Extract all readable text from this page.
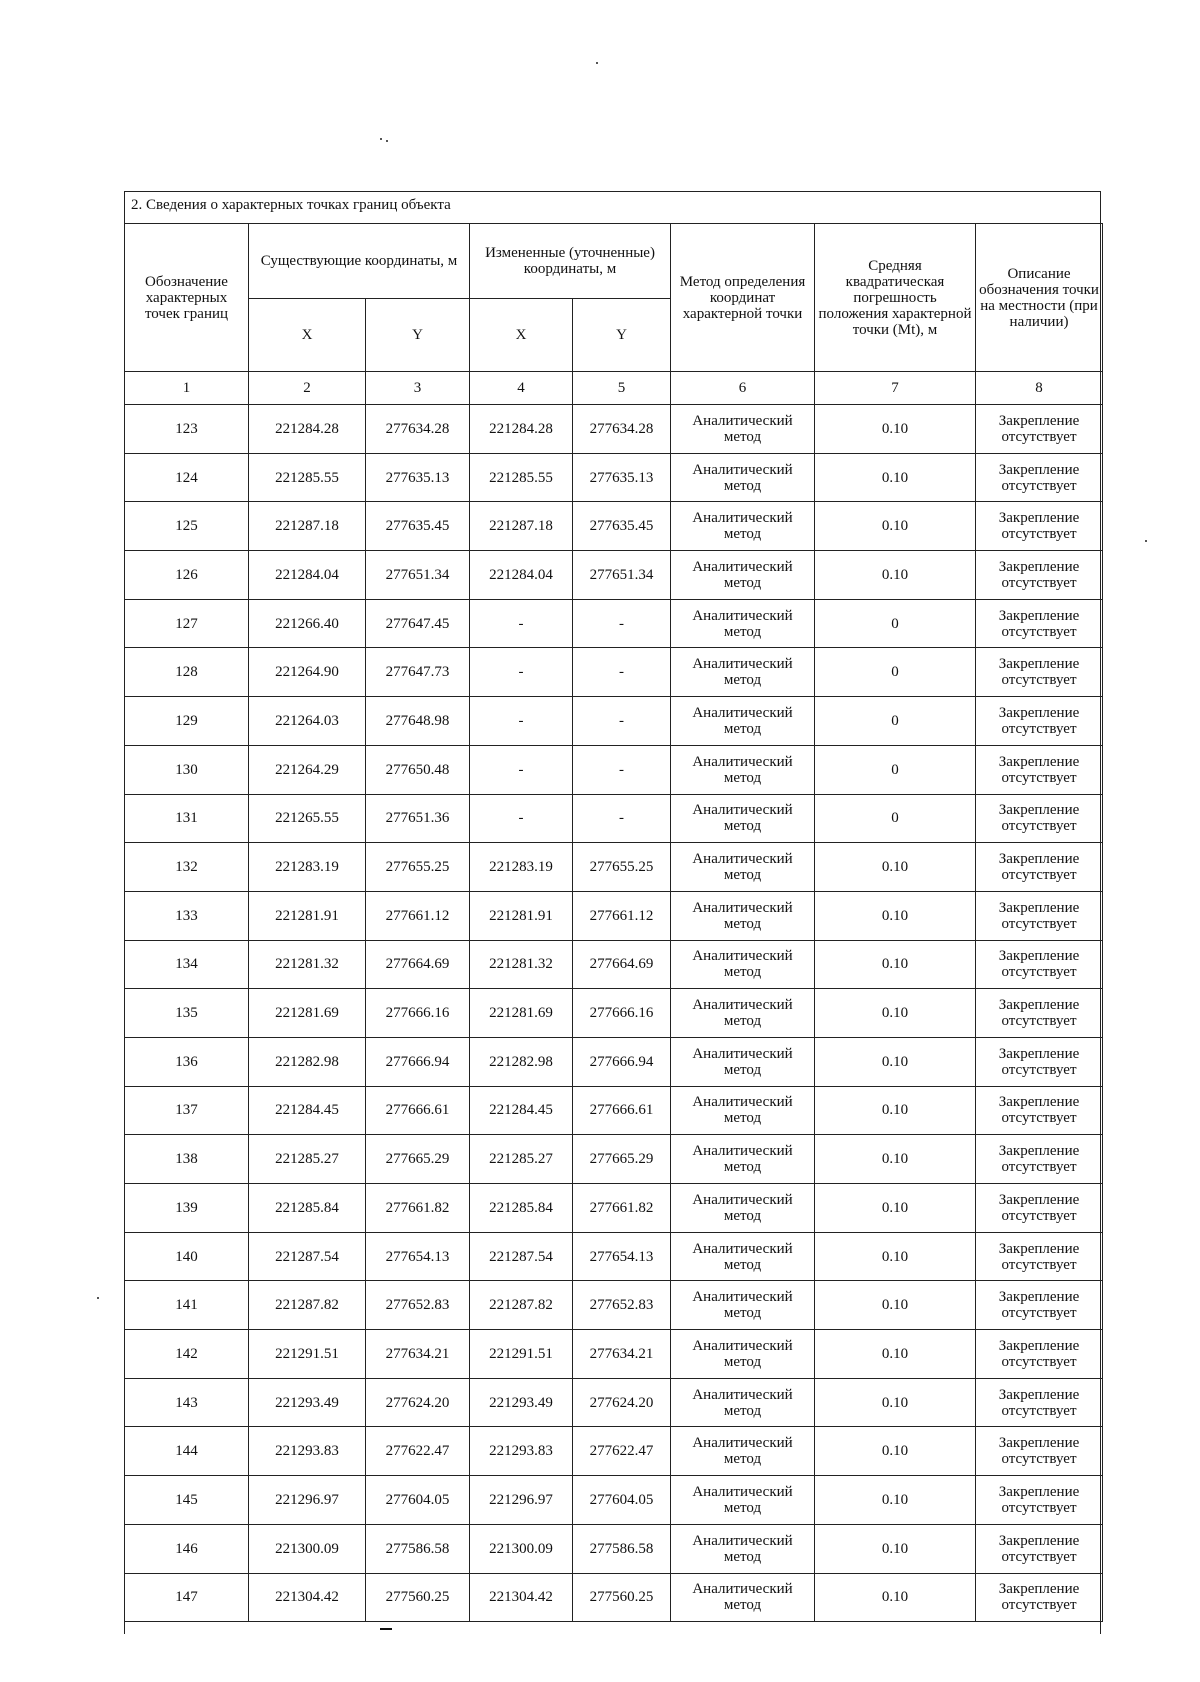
2. Сведения о характерных точках границ объекта
Обозначение характерных точек границ	Существующие координаты, м		Измененные (уточненные) координаты, м		Метод определения координат характерной точки	Средняя квадратическая погрешность положения характерной точки (Mt), м	Описание обозначения точки на местности (при наличии)
	X	Y	X	Y			
1	2	3	4	5	6	7	8
123	221284.28	277634.28	221284.28	277634.28	Аналитический метод	0.10	Закрепление отсутствует
124	221285.55	277635.13	221285.55	277635.13	Аналитический метод	0.10	Закрепление отсутствует
125	221287.18	277635.45	221287.18	277635.45	Аналитический метод	0.10	Закрепление отсутствует
126	221284.04	277651.34	221284.04	277651.34	Аналитический метод	0.10	Закрепление отсутствует
127	221266.40	277647.45	-	-	Аналитический метод	0	Закрепление отсутствует
128	221264.90	277647.73	-	-	Аналитический метод	0	Закрепление отсутствует
129	221264.03	277648.98	-	-	Аналитический метод	0	Закрепление отсутствует
130	221264.29	277650.48	-	-	Аналитический метод	0	Закрепление отсутствует
131	221265.55	277651.36	-	-	Аналитический метод	0	Закрепление отсутствует
132	221283.19	277655.25	221283.19	277655.25	Аналитический метод	0.10	Закрепление отсутствует
133	221281.91	277661.12	221281.91	277661.12	Аналитический метод	0.10	Закрепление отсутствует
134	221281.32	277664.69	221281.32	277664.69	Аналитический метод	0.10	Закрепление отсутствует
135	221281.69	277666.16	221281.69	277666.16	Аналитический метод	0.10	Закрепление отсутствует
136	221282.98	277666.94	221282.98	277666.94	Аналитический метод	0.10	Закрепление отсутствует
137	221284.45	277666.61	221284.45	277666.61	Аналитический метод	0.10	Закрепление отсутствует
138	221285.27	277665.29	221285.27	277665.29	Аналитический метод	0.10	Закрепление отсутствует
139	221285.84	277661.82	221285.84	277661.82	Аналитический метод	0.10	Закрепление отсутствует
140	221287.54	277654.13	221287.54	277654.13	Аналитический метод	0.10	Закрепление отсутствует
141	221287.82	277652.83	221287.82	277652.83	Аналитический метод	0.10	Закрепление отсутствует
142	221291.51	277634.21	221291.51	277634.21	Аналитический метод	0.10	Закрепление отсутствует
143	221293.49	277624.20	221293.49	277624.20	Аналитический метод	0.10	Закрепление отсутствует
144	221293.83	277622.47	221293.83	277622.47	Аналитический метод	0.10	Закрепление отсутствует
145	221296.97	277604.05	221296.97	277604.05	Аналитический метод	0.10	Закрепление отсутствует
146	221300.09	277586.58	221300.09	277586.58	Аналитический метод	0.10	Закрепление отсутствует
147	221304.42	277560.25	221304.42	277560.25	Аналитический метод	0.10	Закрепление отсутствует
